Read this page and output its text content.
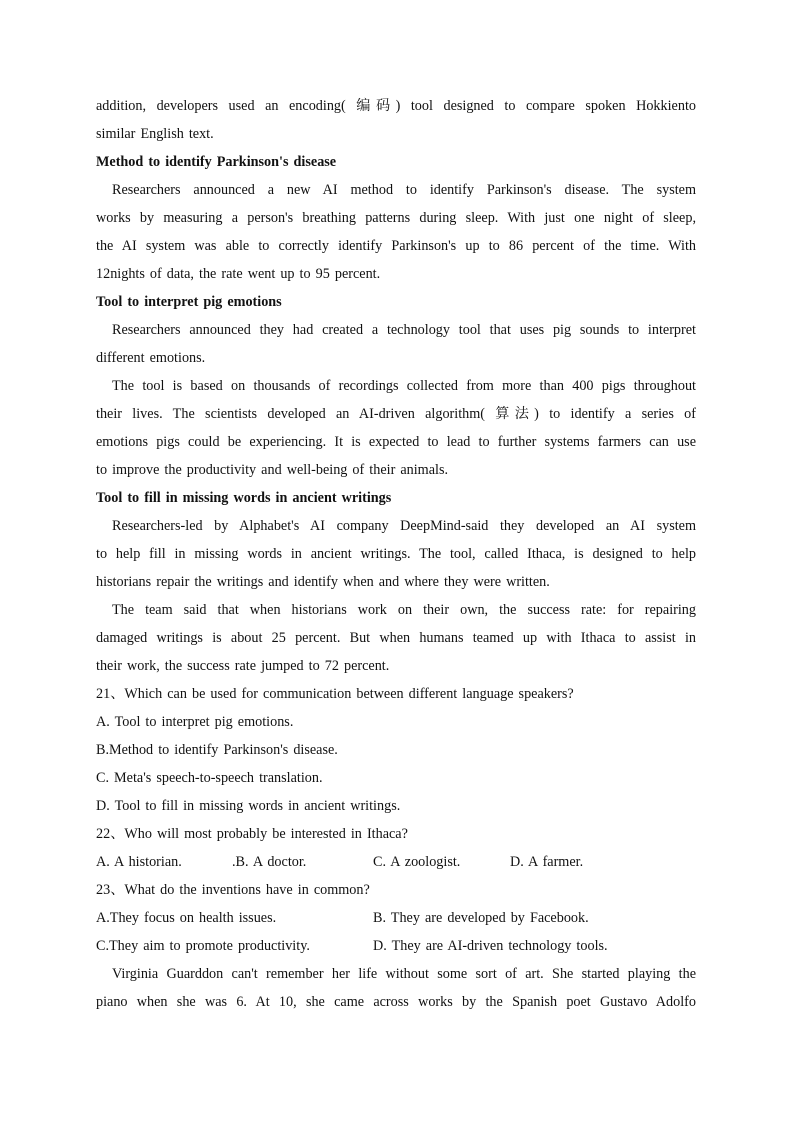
addition, developers used an encoding( 编码) tool designed to compare spoken Hokkiento
similar English text.
Method to identify Parkinson's disease
Researchers announced a new AI method to identify Parkinson's disease. The system
works by measuring a person's breathing patterns during sleep. With just one night of sleep,
the AI system was able to correctly identify Parkinson's up to 86 percent of the time. With
12nights of data, the rate went up to 95 percent.
Tool to interpret pig emotions
Researchers announced they had created a technology tool that uses pig sounds to interpret
different emotions.
The tool is based on thousands of recordings collected from more than 400 pigs throughout
their lives. The scientists developed an AI-driven algorithm( 算法) to identify a series of
emotions pigs could be experiencing. It is expected to lead to further systems farmers can use
to improve the productivity and well-being of their animals.
Tool to fill in missing words in ancient writings
Researchers-led by Alphabet's AI company DeepMind-said they developed an AI system
to help fill in missing words in ancient writings. The tool, called Ithaca, is designed to help
historians repair the writings and identify when and where they were written.
The team said that when historians work on their own, the success rate: for repairing
damaged writings is about 25 percent. But when humans teamed up with Ithaca to assist in
their work, the success rate jumped to 72 percent.
21、Which can be used for communication between different language speakers?
A. Tool to interpret pig emotions.
B.Method to identify Parkinson's disease.
C. Meta's speech-to-speech translation.
D. Tool to fill in missing words in ancient writings.
22、Who will most probably be interested in Ithaca?
A. A historian.	.B. A doctor.	C. A zoologist.	D. A farmer.
23、What do the inventions have in common?
A.They focus on health issues.	B. They are developed by Facebook.
C.They aim to promote productivity.	D. They are AI-driven technology tools.
Virginia Guarddon can't remember her life without some sort of art. She started playing the
piano when she was 6. At 10, she came across works by the Spanish poet Gustavo Adolfo
